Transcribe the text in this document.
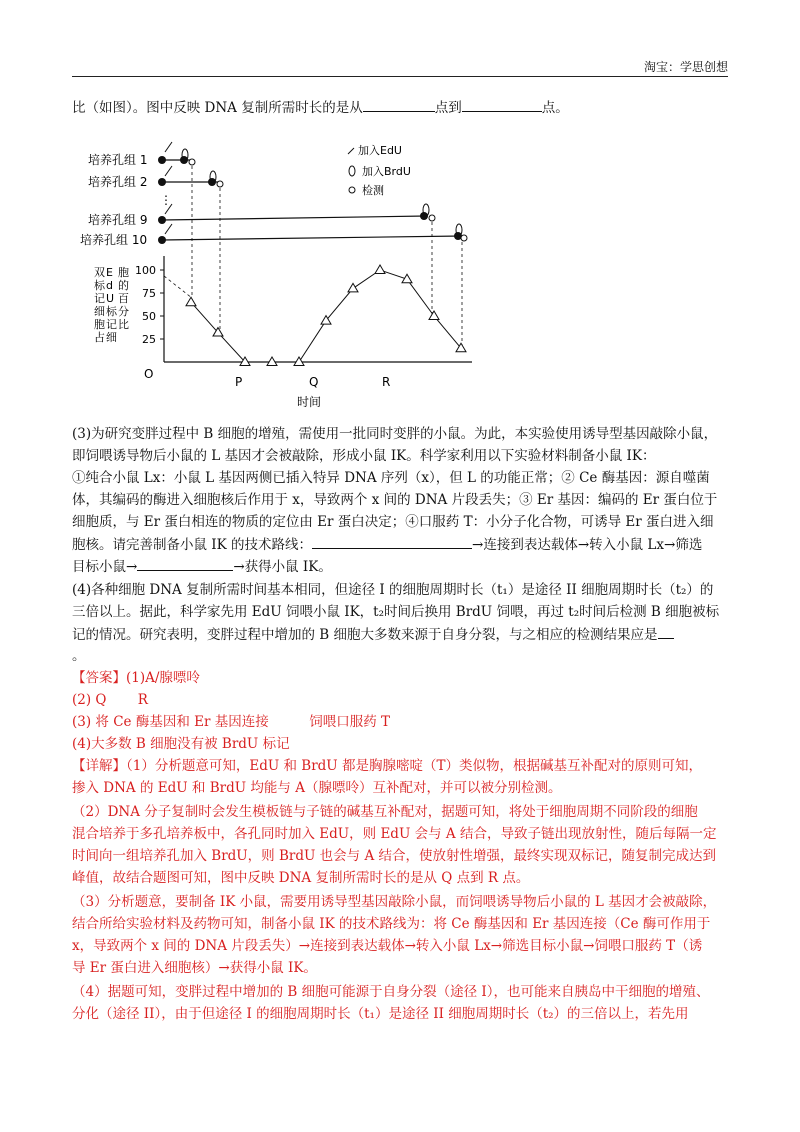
淘宝：学思创想
比（如图）。图中反映 DNA 复制所需时长的是从	点到	点。
培养孔组 1
培养孔组 2
⋮
培养孔组 9
培养孔组 10
加入EdU
加入BrdU
检测
双
标
记
细
胞
占
E
d
U
标
记
细
胞
的
百
分
比
25
50
75
100
O
P	Q	R
时间
(3)为研究变胖过程中 B 细胞的增殖，需使用一批同时变胖的小鼠。为此，本实验使用诱导型基因敲除小鼠，
即饲喂诱导物后小鼠的 L 基因才会被敲除，形成小鼠 IK。科学家利用以下实验材料制备小鼠 IK：
①纯合小鼠 Lx：小鼠 L 基因两侧已插入特异 DNA 序列（x），但 L 的功能正常；② Ce 酶基因：源自噬菌
体，其编码的酶进入细胞核后作用于 x，导致两个 x 间的 DNA 片段丢失；③ Er 基因：编码的 Er 蛋白位于
细胞质，与 Er 蛋白相连的物质的定位由 Er 蛋白决定；④口服药 T：小分子化合物，可诱导 Er 蛋白进入细
胞核。请完善制备小鼠 IK 的技术路线：	→连接到表达载体→转入小鼠 Lx→筛选
目标小鼠→	→获得小鼠 IK。
(4)各种细胞 DNA 复制所需时间基本相同，但途径 I 的细胞周期时长（t₁）是途径 II 细胞周期时长（t₂）的
三倍以上。据此，科学家先用 EdU 饲喂小鼠 IK，t₂时间后换用 BrdU 饲喂，再过 t₂时间后检测 B 细胞被标
记的情况。研究表明，变胖过程中增加的 B 细胞大多数来源于自身分裂，与之相应的检测结果应是
。
【答案】(1)A/腺嘌呤
(2) Q　　 R
(3) 将 Ce 酶基因和 Er 基因连接　　　饲喂口服药 T
(4)大多数 B 细胞没有被 BrdU 标记
【详解】（1）分析题意可知，EdU 和 BrdU 都是胸腺嘧啶（T）类似物，根据碱基互补配对的原则可知，
掺入 DNA 的 EdU 和 BrdU 均能与 A（腺嘌呤）互补配对，并可以被分别检测。
（2）DNA 分子复制时会发生模板链与子链的碱基互补配对，据题可知，将处于细胞周期不同阶段的细胞
混合培养于多孔培养板中，各孔同时加入 EdU，则 EdU 会与 A 结合，导致子链出现放射性，随后每隔一定
时间向一组培养孔加入 BrdU，则 BrdU 也会与 A 结合，使放射性增强，最终实现双标记，随复制完成达到
峰值，故结合题图可知，图中反映 DNA 复制所需时长的是从 Q 点到 R 点。
（3）分析题意，要制备 IK 小鼠，需要用诱导型基因敲除小鼠，而饲喂诱导物后小鼠的 L 基因才会被敲除，
结合所给实验材料及药物可知，制备小鼠 IK 的技术路线为：将 Ce 酶基因和 Er 基因连接（Ce 酶可作用于
x，导致两个 x 间的 DNA 片段丢失）→连接到表达载体→转入小鼠 Lx→筛选目标小鼠→饲喂口服药 T（诱
导 Er 蛋白进入细胞核）→获得小鼠 IK。
（4）据题可知，变胖过程中增加的 B 细胞可能源于自身分裂（途径 I），也可能来自胰岛中干细胞的增殖、
分化（途径 II），由于但途径 I 的细胞周期时长（t₁）是途径 II 细胞周期时长（t₂）的三倍以上，若先用
